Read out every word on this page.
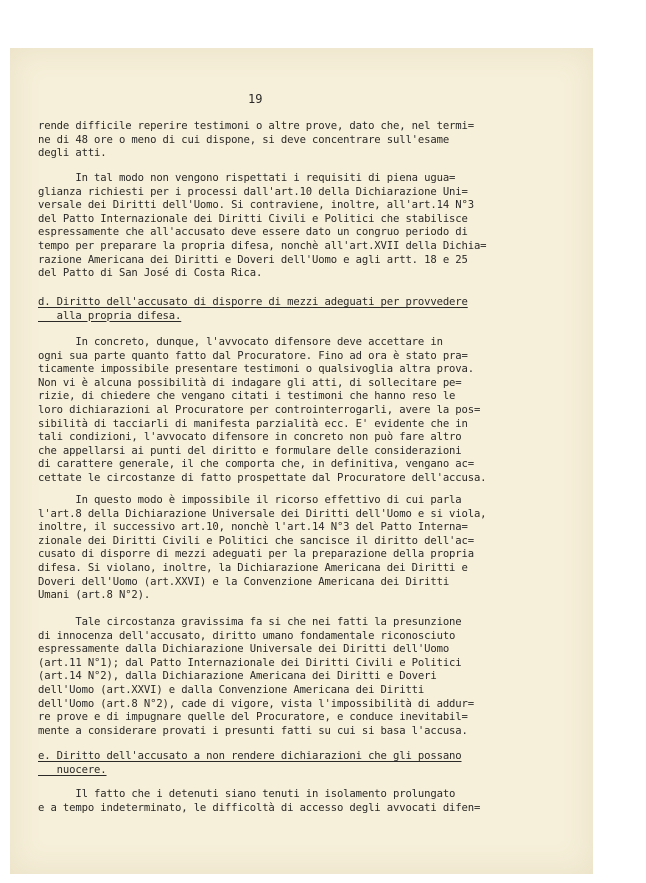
19

rende difficile reperire testimoni o altre prove, dato che, nel termi=

ne di 48 ore o meno di cui dispone, si deve concentrare sull'esame

degli atti.

In tal modo non vengono rispettati i requisiti di piena ugua=

glianza richiesti per i processi dall'art.10 della Dichiarazione Uni=

versale dei Diritti dell'Uomo. Si contraviene, inoltre, all'art.14 N°3

del Patto Internazionale dei Diritti Civili e Politici che stabilisce

espressamente che all'accusato deve essere dato un congruo periodo di

tempo per preparare la propria difesa, nonchè all'art.XVII della Dichia=

razione Americana dei Diritti e Doveri dell'Uomo e agli artt. 18 e 25

del Patto di San José di Costa Rica.

d. Diritto dell'accusato di disporre di mezzi adeguati per provvedere

alla propria difesa.

In concreto, dunque, l'avvocato difensore deve accettare in

ogni sua parte quanto fatto dal Procuratore. Fino ad ora è stato pra=

ticamente impossibile presentare testimoni o qualsivoglia altra prova.

Non vi è alcuna possibilità di indagare gli atti, di sollecitare pe=

rizie, di chiedere che vengano citati i testimoni che hanno reso le

loro dichiarazioni al Procuratore per controinterrogarli, avere la pos=

sibilità di tacciarli di manifesta parzialità ecc. E' evidente che in

tali condizioni, l'avvocato difensore in concreto non può fare altro

che appellarsi ai punti del diritto e formulare delle considerazioni

di carattere generale, il che comporta che, in definitiva, vengano ac=

cettate le circostanze di fatto prospettate dal Procuratore dell'accusa.

In questo modo è impossibile il ricorso effettivo di cui parla

l'art.8 della Dichiarazione Universale dei Diritti dell'Uomo e si viola,

inoltre, il successivo art.10, nonchè l'art.14 N°3 del Patto Interna=

zionale dei Diritti Civili e Politici che sancisce il diritto dell'ac=

cusato di disporre di mezzi adeguati per la preparazione della propria

difesa. Si violano, inoltre, la Dichiarazione Americana dei Diritti e

Doveri dell'Uomo (art.XXVI) e la Convenzione Americana dei Diritti

Umani (art.8 N°2).

Tale circostanza gravissima fa si che nei fatti la presunzione

di innocenza dell'accusato, diritto umano fondamentale riconosciuto

espressamente dalla Dichiarazione Universale dei Diritti dell'Uomo

(art.11 N°1); dal Patto Internazionale dei Diritti Civili e Politici

(art.14 N°2), dalla Dichiarazione Americana dei Diritti e Doveri

dell'Uomo (art.XXVI) e dalla Convenzione Americana dei Diritti

dell'Uomo (art.8 N°2), cade di vigore, vista l'impossibilità di addur=

re prove e di impugnare quelle del Procuratore, e conduce inevitabil=

mente a considerare provati i presunti fatti su cui si basa l'accusa.

e. Diritto dell'accusato a non rendere dichiarazioni che gli possano

nuocere.

Il fatto che i detenuti siano tenuti in isolamento prolungato

e a tempo indeterminato, le difficoltà di accesso degli avvocati difen=
